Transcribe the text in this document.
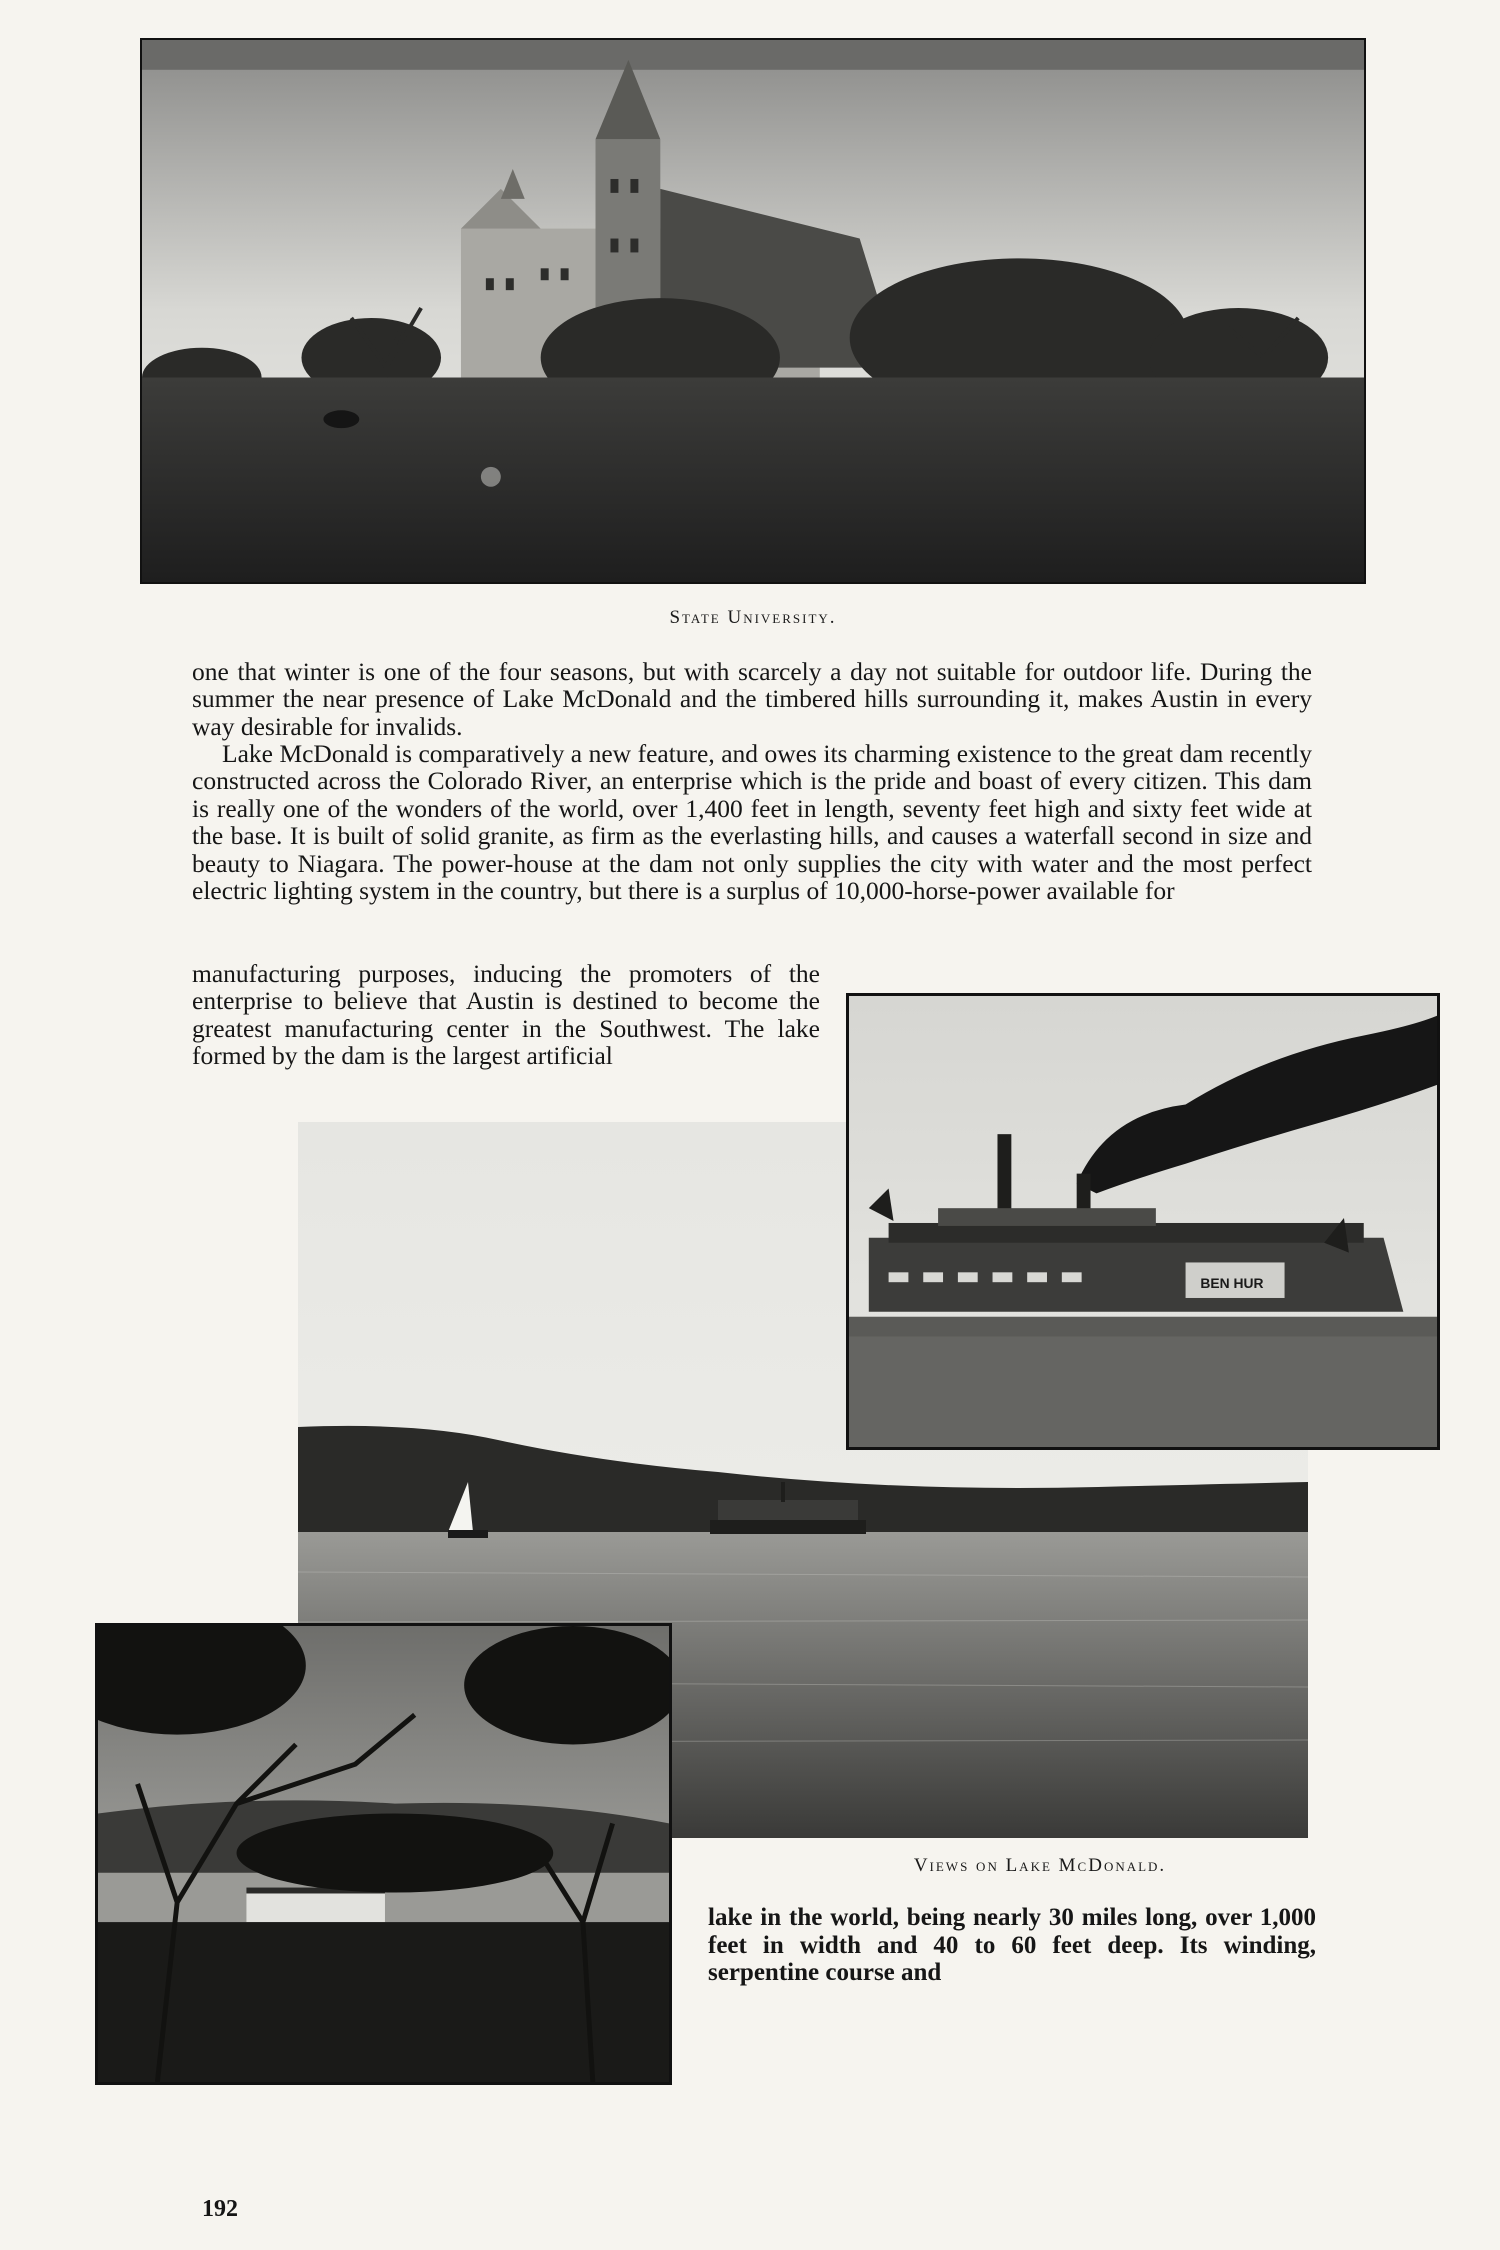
State University.

one that winter is one of the four seasons, but with scarcely a day not suitable for outdoor life. During the summer the near presence of Lake McDonald and the timbered hills surrounding it, makes Austin in every way desirable for invalids.

Lake McDonald is comparatively a new feature, and owes its charming existence to the great dam recently constructed across the Colorado River, an enterprise which is the pride and boast of every citizen. This dam is really one of the wonders of the world, over 1,400 feet in length, seventy feet high and sixty feet wide at the base. It is built of solid granite, as firm as the everlasting hills, and causes a waterfall second in size and beauty to Niagara. The power-house at the dam not only supplies the city with water and the most perfect electric lighting system in the country, but there is a surplus of 10,000-horse-power available for

manufacturing purposes, inducing the promoters of the enterprise to believe that Austin is destined to become the greatest manufacturing center in the Southwest. The lake formed by the dam is the largest artificial

BEN HUR
Views on Lake McDonald.

lake in the world, being nearly 30 miles long, over 1,000 feet in width and 40 to 60 feet deep. Its winding, serpentine course and

192
